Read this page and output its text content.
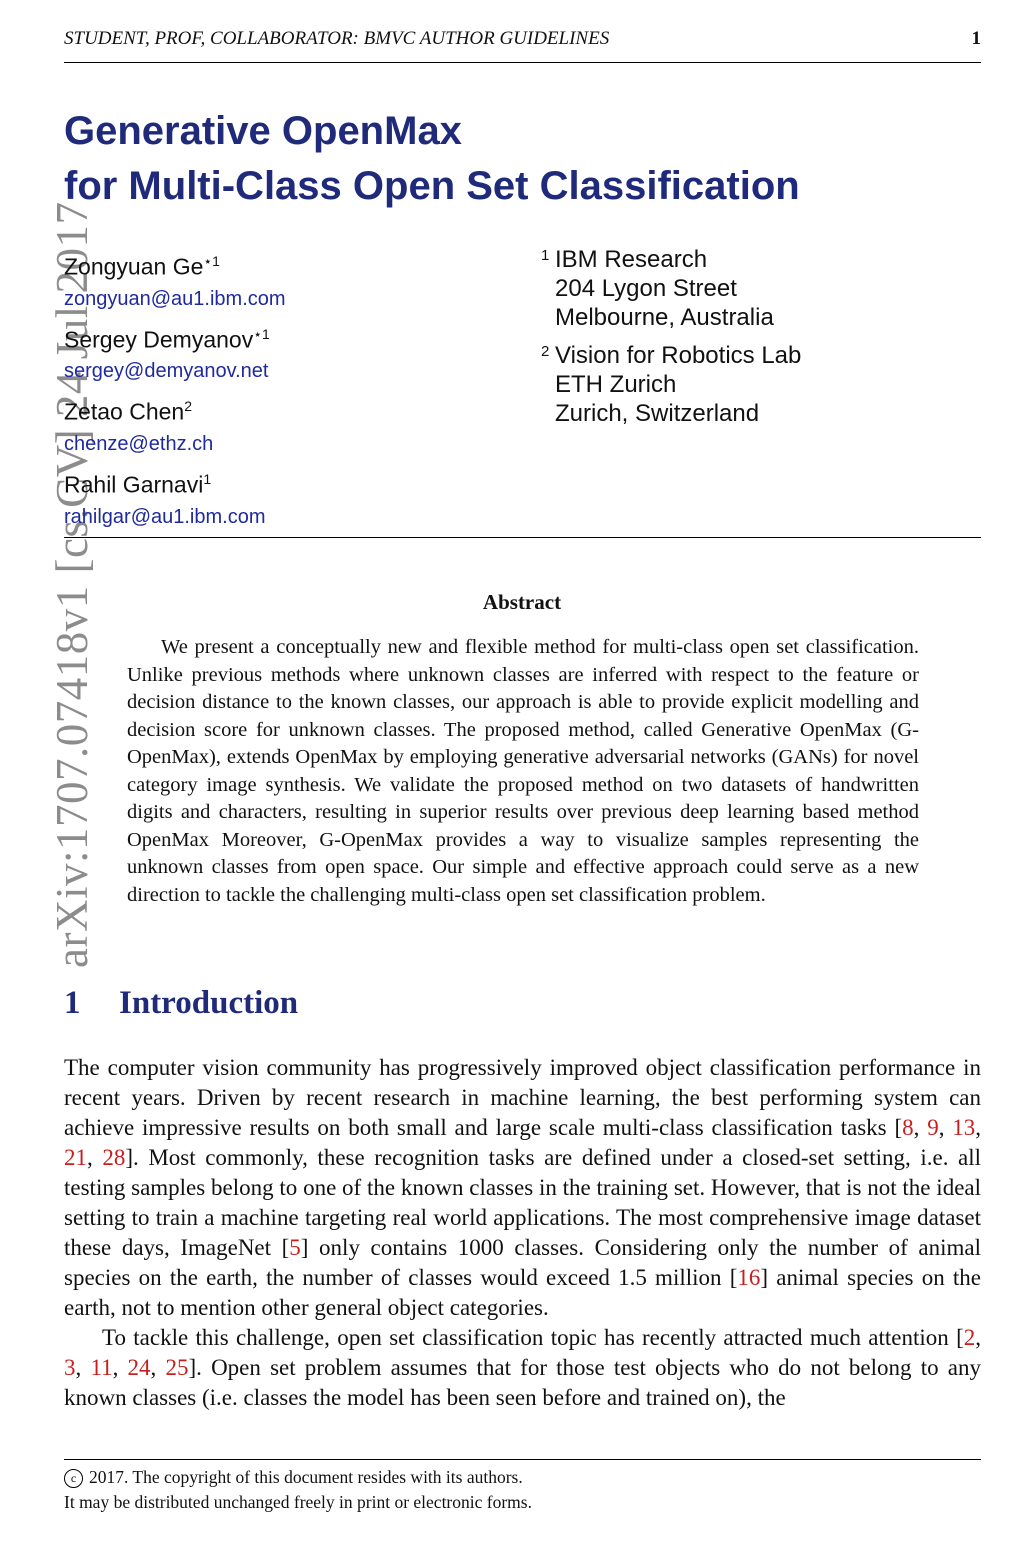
STUDENT, PROF, COLLABORATOR: BMVC AUTHOR GUIDELINES	1
arXiv:1707.07418v1 [cs.CV] 24 Jul 2017
Generative OpenMax
for Multi-Class Open Set Classification
Zongyuan $Ge^{⋆1}$
zongyuan@au1.ibm.com
Sergey Demyanov$^{⋆1}$
sergey@demyanov.net
Zetao Chen$^2$
chenze@ethz.ch
Rahil Garnavi$^1$
rahilgar@au1.ibm.com
1 IBM Research
204 Lygon Street
Melbourne, Australia
2 Vision for Robotics Lab
ETH Zurich
Zurich, Switzerland
Abstract

We present a conceptually new and flexible method for multi-class open set classification. Unlike previous methods where unknown classes are inferred with respect to the feature or decision distance to the known classes, our approach is able to provide explicit modelling and decision score for unknown classes. The proposed method, called Generative OpenMax (G-OpenMax), extends OpenMax by employing generative adversarial networks (GANs) for novel category image synthesis. We validate the proposed method on two datasets of handwritten digits and characters, resulting in superior results over previous deep learning based method OpenMax Moreover, G-OpenMax provides a way to visualize samples representing the unknown classes from open space. Our simple and effective approach could serve as a new direction to tackle the challenging multi-class open set classification problem.

1 Introduction

The computer vision community has progressively improved object classification performance in recent years. Driven by recent research in machine learning, the best performing system can achieve impressive results on both small and large scale multi-class classification tasks [8, 9, 13, 21, 28]. Most commonly, these recognition tasks are defined under a closed-set setting, i.e. all testing samples belong to one of the known classes in the training set. However, that is not the ideal setting to train a machine targeting real world applications. The most comprehensive image dataset these days, ImageNet [5] only contains 1000 classes. Considering only the number of animal species on the earth, the number of classes would exceed 1.5 million [16] animal species on the earth, not to mention other general object categories.

To tackle this challenge, open set classification topic has recently attracted much attention [2, 3, 11, 24, 25]. Open set problem assumes that for those test objects who do not belong to any known classes (i.e. classes the model has been seen before and trained on), the

c 2017. The copyright of this document resides with its authors.
It may be distributed unchanged freely in print or electronic forms.
